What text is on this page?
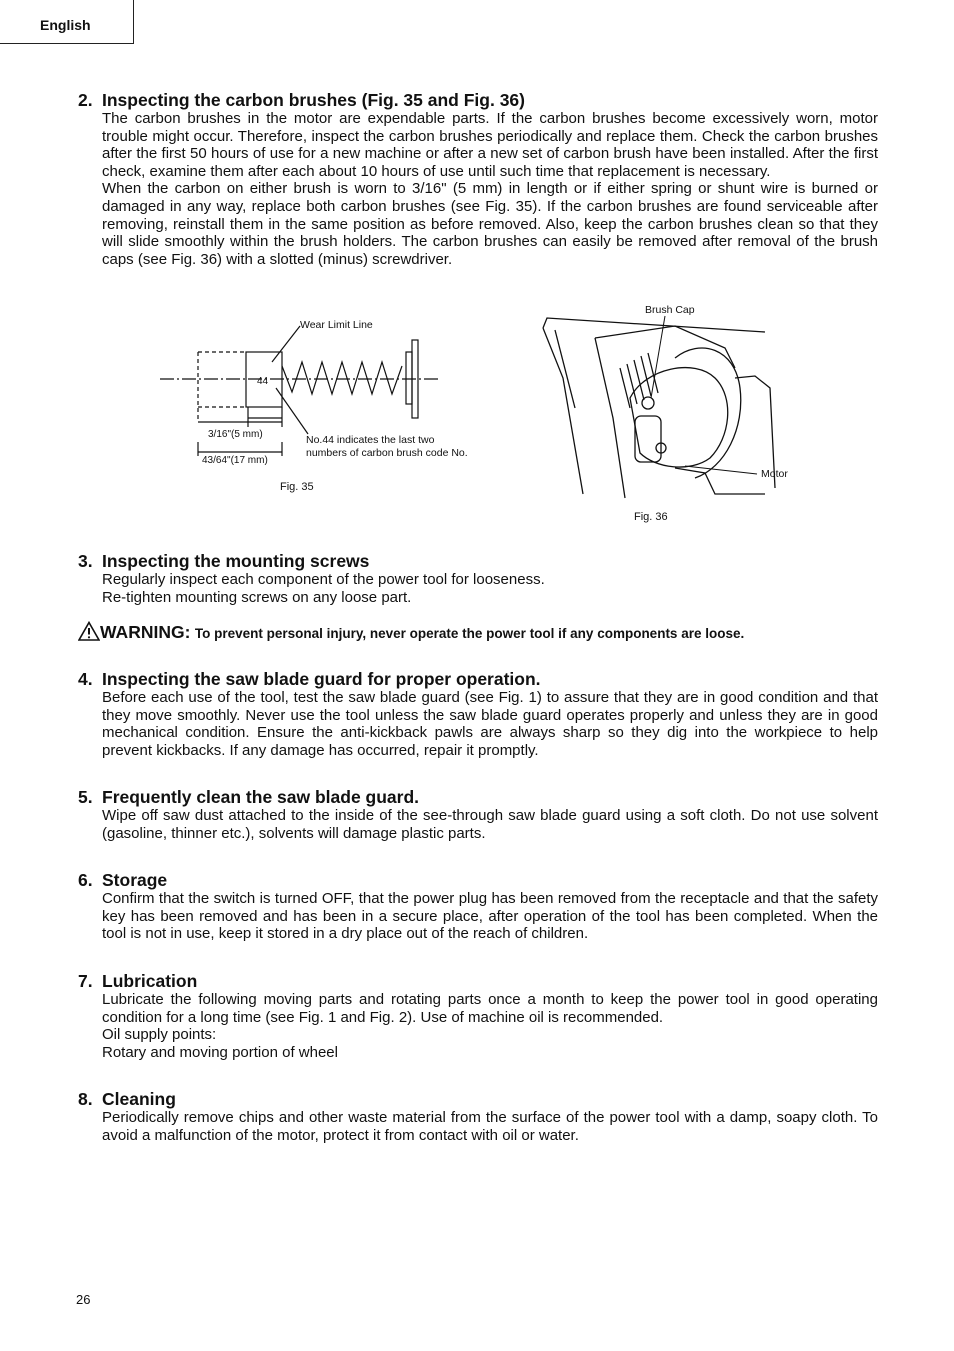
English
2. Inspecting the carbon brushes (Fig. 35 and Fig. 36)

The carbon brushes in the motor are expendable parts. If the carbon brushes become excessively worn, motor trouble might occur. Therefore, inspect the carbon brushes periodically and replace them. Check the carbon brushes after the first 50 hours of use for a new machine or after a new set of carbon brush have been installed. After the first check, examine them after each about 10 hours of use until such time that replacement is necessary.

When the carbon on either brush is worn to 3/16" (5 mm) in length or if either spring or shunt wire is burned or damaged in any way, replace both carbon brushes (see Fig. 35). If the carbon brushes are found serviceable after removing, reinstall them in the same position as before removed. Also, keep the carbon brushes clean so that they will slide smoothly within the brush holders. The carbon brushes can easily be removed after removal of the brush caps (see Fig. 36) with a slotted (minus) screwdriver.

Wear Limit Line
44
3/16"(5 mm)
43/64"(17 mm)
No.44 indicates the last two
numbers of carbon brush code No.
Fig. 35
Brush Cap
Motor
Fig. 36
3. Inspecting the mounting screws

Regularly inspect each component of the power tool for looseness.

Re-tighten mounting screws on any loose part.

WARNING: To prevent personal injury, never operate the power tool if any components are loose.
4. Inspecting the saw blade guard for proper operation.

Before each use of the tool, test the saw blade guard (see Fig. 1) to assure that they are in good condition and that they move smoothly. Never use the tool unless the saw blade guard operates properly and unless they are in good mechanical condition. Ensure the anti-kickback pawls are always sharp so they dig into the workpiece to help prevent kickbacks. If any damage has occurred, repair it promptly.

5. Frequently clean the saw blade guard.

Wipe off saw dust attached to the inside of the see-through saw blade guard using a soft cloth. Do not use solvent (gasoline, thinner etc.), solvents will damage plastic parts.

6. Storage

Confirm that the switch is turned OFF, that the power plug has been removed from the receptacle and that the safety key has been removed and has been in a secure place, after operation of the tool has been completed. When the tool is not in use, keep it stored in a dry place out of the reach of children.

7. Lubrication

Lubricate the following moving parts and rotating parts once a month to keep the power tool in good operating condition for a long time (see Fig. 1 and Fig. 2). Use of machine oil is recommended.

Oil supply points:

Rotary and moving portion of wheel

8. Cleaning

Periodically remove chips and other waste material from the surface of the power tool with a damp, soapy cloth. To avoid a malfunction of the motor, protect it from contact with oil or water.

26
